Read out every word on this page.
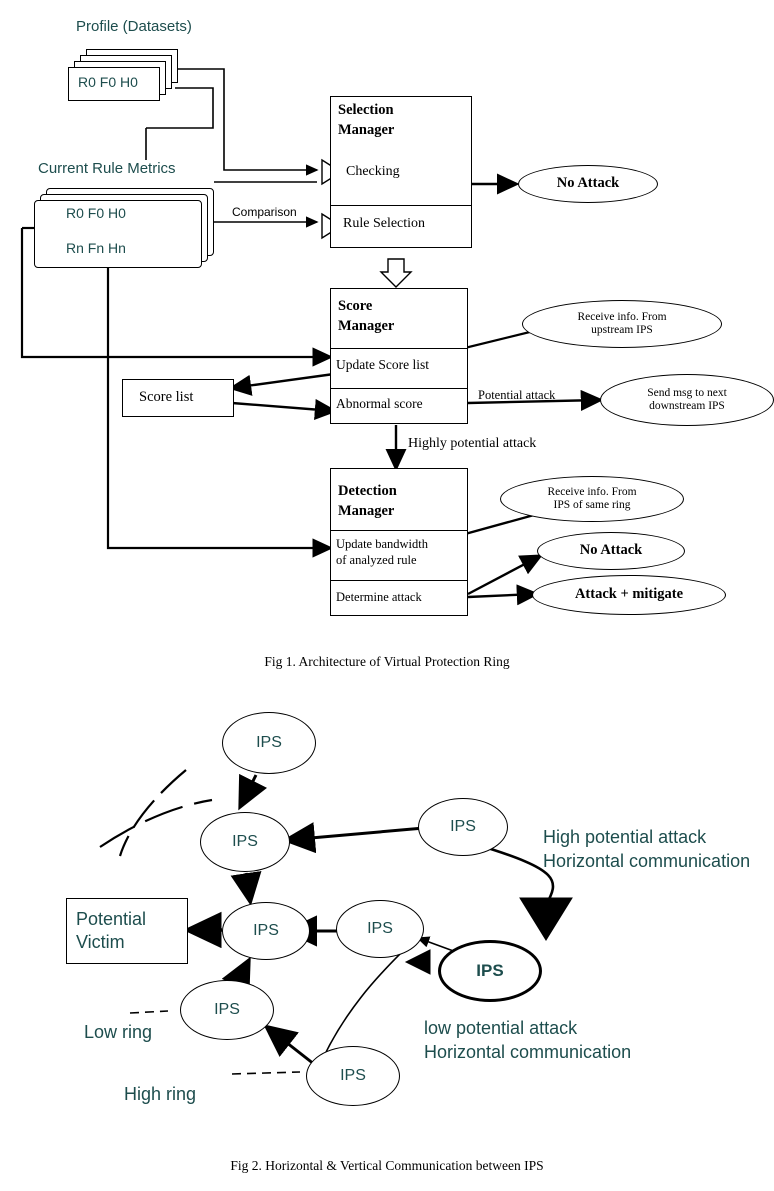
Profile (Datasets)
R0 F0 H0
Current Rule Metrics
R0 F0 H0
Rn Fn Hn
Comparison
Selection
Manager
Checking
Rule Selection
No Attack
Score
Manager
Update Score list
Abnormal score
Score list
Receive info. From
upstream IPS
Potential attack	Send msg to next
downstream IPS
Highly potential attack
Detection
Manager
Update bandwidth
of analyzed rule
Determine attack
Receive info. From
IPS of same ring
No Attack
Attack + mitigate
Fig 1. Architecture of Virtual Protection Ring
IPS
IPS
IPS
IPS	IPS
IPS
IPS
IPS
Potential
Victim
High potential attack
Horizontal communication
low potential attack
Horizontal communication
Low ring
High ring
Fig 2. Horizontal & Vertical Communication between IPS
